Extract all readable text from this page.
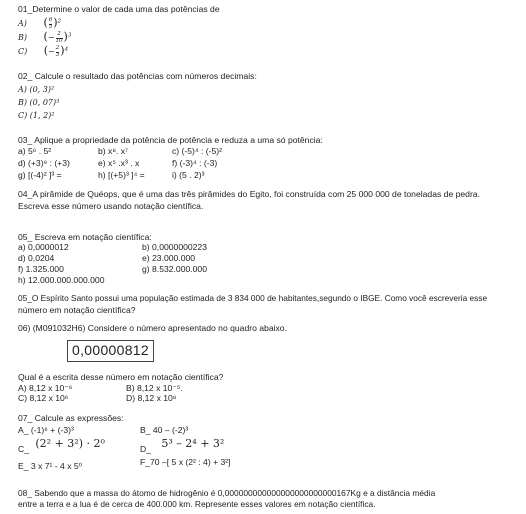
01_Determine o valor de cada uma das potências de
A) ( $\frac{6}{5} )^2$
B) (− $\frac{2}{10} )^3$
C) (− $\frac{2}{3} )^4$
02_ Calcule o resultado das potências com números decimais:
A) (0, 3)²
B) (0, 07)³
C) (1, 2)²
03_ Aplique a propriedade da potência de potência e reduza a uma só potência:
a) 5⁶ . 5²	b) x⁸. x⁷	c) (-5)⁴ : (-5)²
d) (+3)⁹ : (+3)	e) x⁵ .x³ . x	f) (-3)⁴ : (-3)
g) [(-4)² ]³ =	h) [(+5)³ ]⁴ =	i) (5 . 2)³
04_A pirâmide de Quéops, que é uma das três pirâmides do Egito, foi construída com 25 000 000 de toneladas de pedra.
Escreva esse número usando notação científica.
05_ Escreva em notação científica:
a) 0,0000012	b) 0,0000000223
d) 0,0204	e) 23.000.000
f) 1.325.000	g) 8.532.000.000
h) 12.000.000.000.000
05_O Espírito Santo possui uma população estimada de 3 834 000 de habitantes,segundo o IBGE. Como você escreveria esse
número em notação científica?
06) (M091032H6) Considere o número apresentado no quadro abaixo.
0,00000812
Qual é a escrita desse número em notação científica?
A) 8,12 x 10⁻⁶	B) 8,12 x 10⁻⁵.
C) 8,12 x 10⁶	D) 8,12 x 10⁸
07_ Calcule as expressões:
A_ (-1)⁶ + (-3)³	B_ 40 – (-2)³
C_ (2² + 3²) · 2⁰	D_ 5³ – 2⁴ + 3²
E_ 3 x 7¹ - 4 x 5⁰	F_70 –[ 5 x (2² : 4) + 3²]
08_ Sabendo que a massa do átomo de hidrogênio é 0,000000000000000000000000167Kg e a distância média
entre a terra e a lua é de cerca de 400.000 km. Represente esses valores em notação científica.
